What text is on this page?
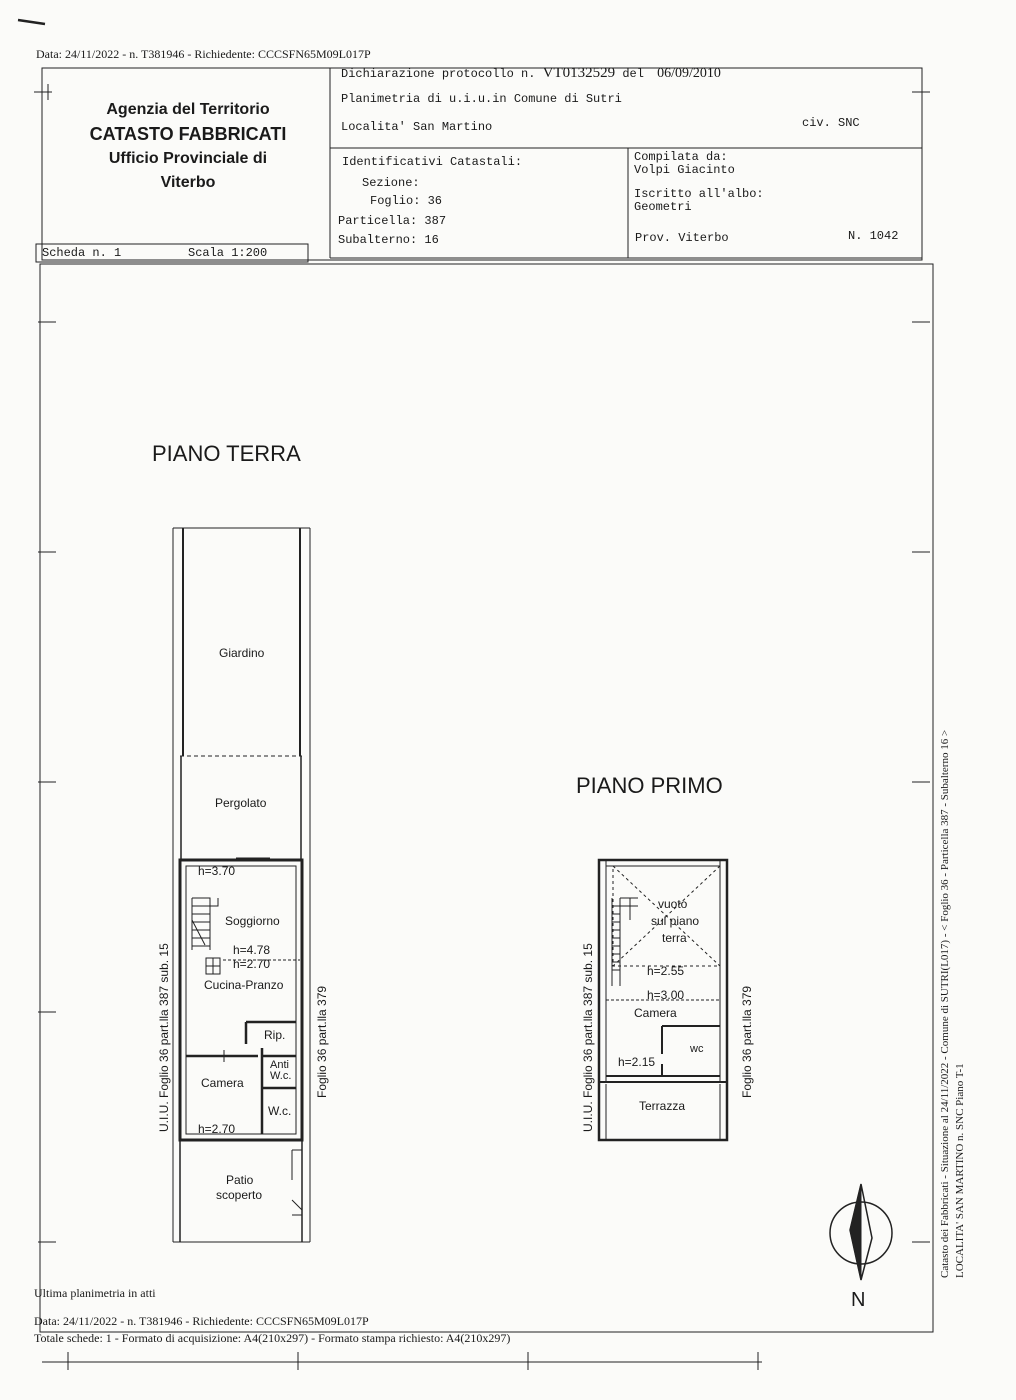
Data: 24/11/2022 - n. T381946 - Richiedente: CCCSFN65M09L017P
Agenzia del Territorio
CATASTO FABBRICATI
Ufficio Provinciale di
Viterbo
Dichiarazione protocollo n. VT0132529 del 06/09/2010
Planimetria di u.i.u.in Comune di Sutri
Localita' San Martino	civ. SNC
Identificativi Catastali:
Sezione:
Foglio: 36
Particella: 387
Subalterno: 16
Compilata da:
Volpi Giacinto
Iscritto all'albo:
Geometri
Prov. Viterbo	N. 1042
Scheda n. 1	Scala 1:200
PIANO TERRA
Giardino
Pergolato
h=3.70
Soggiorno
h=4.78
h=2.70
Cucina-Pranzo
Rip.
Anti
W.c.
Camera
W.c.
h=2.70
Patio
scoperto
U.I.U. Foglio 36 part.lla 387 sub. 15	Foglio 36 part.lla 379
PIANO PRIMO
vuoto
sul piano
terra
h=2.55
h=3.00
Camera
wc
h=2.15
Terrazza
U.I.U. Foglio 36 part.lla 387 sub. 15	Foglio 36 part.lla 379	Catasto dei Fabbricati - Situazione al 24/11/2022 - Comune di SUTRI(L017) - < Foglio 36 - Particella 387 - Subalterno 16 > LOCALITA' SAN MARTINO n. SNC Piano T-1
N
Ultima planimetria in atti
Data: 24/11/2022 - n. T381946 - Richiedente: CCCSFN65M09L017P
Totale schede: 1 - Formato di acquisizione: A4(210x297) - Formato stampa richiesto: A4(210x297)
